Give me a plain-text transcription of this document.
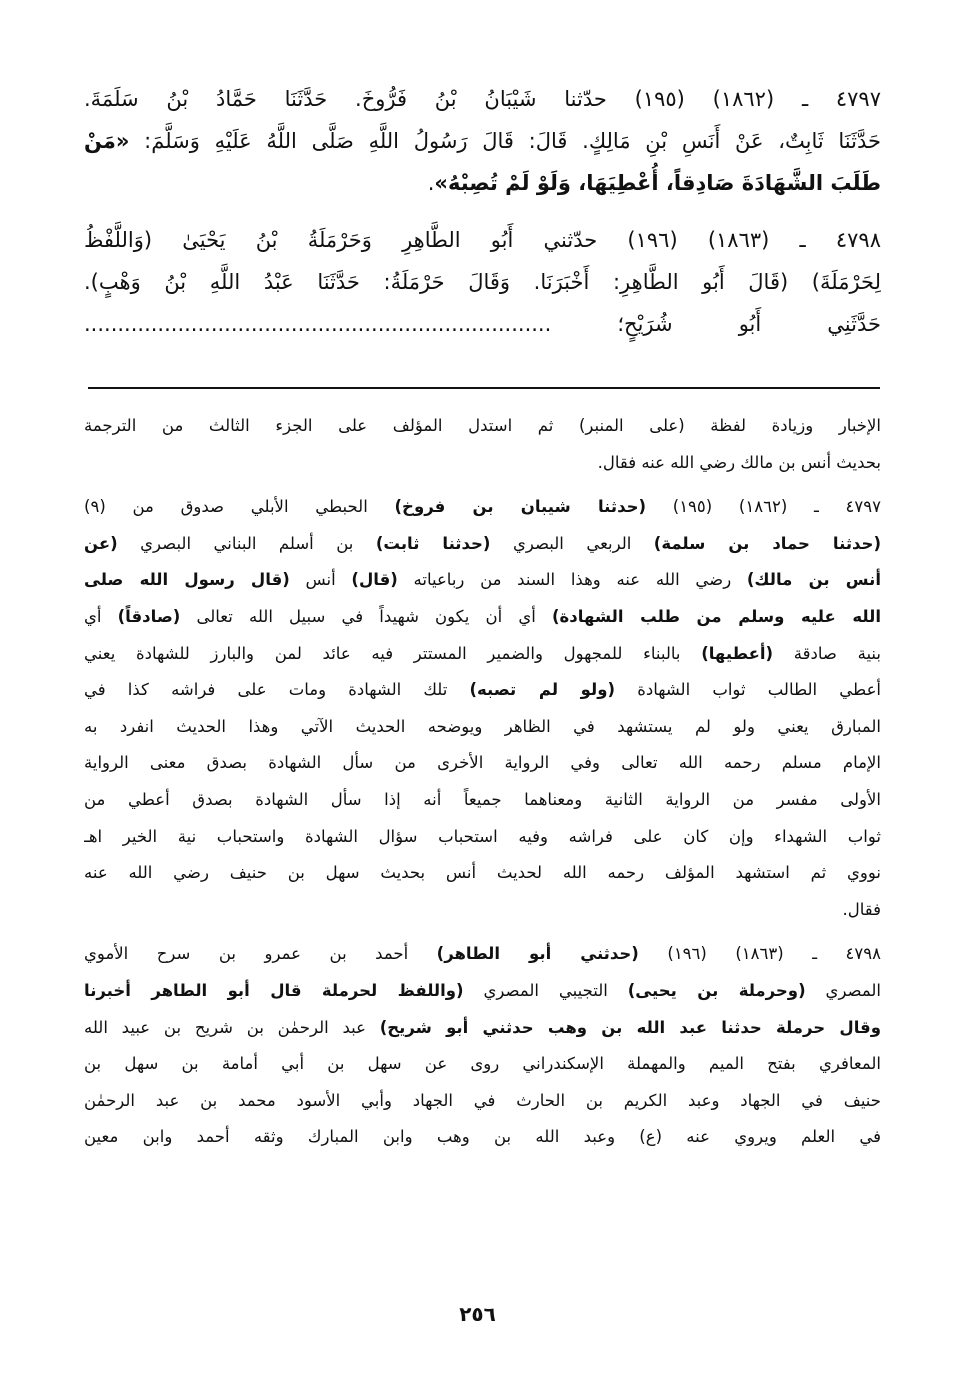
٤٧٩٧ ـ (١٨٦٢) (١٩٥) حدّثنا شَيْبَانُ بْنُ فَرُّوخَ. حَدَّثَنَا حَمَّادُ بْنُ سَلَمَةَ.
حَدَّثَنَا ثَابِتٌ، عَنْ أَنَسِ بْنِ مَالِكٍ. قَالَ: قَالَ رَسُولُ اللَّهِ صَلَّى اللَّهُ عَلَيْهِ وَسَلَّمَ: «مَنْ
طَلَبَ الشَّهَادَةَ صَادِقاً، أُعْطِيَهَا، وَلَوْ لَمْ تُصِبْهُ».
٤٧٩٨ ـ (١٨٦٣) (١٩٦) حدّثني أَبُو الطَّاهِرِ وَحَرْمَلَةُ بْنُ يَحْيَىٰ (وَاللَّفْظُ
لِحَرْمَلَةَ) (قَالَ أَبُو الطَّاهِرِ: أَخْبَرَنَا. وَقَالَ حَرْمَلَةُ: حَدَّثَنَا عَبْدُ اللَّهِ بْنُ وَهْبٍ).
حَدَّثَنِي أَبُو شُرَيْحٍ؛ ......................................................................
الإخبار وزيادة لفظة (على المنبر) ثم استدل المؤلف على الجزء الثالث من الترجمة
بحديث أنس بن مالك رضي الله عنه فقال.
٤٧٩٧ ـ (١٨٦٢) (١٩٥) (حدثنا شيبان بن فروخ) الحبطي الأبلي صدوق من (٩)
(حدثنا حماد بن سلمة) الربعي البصري (حدثنا ثابت) بن أسلم البناني البصري (عن
أنس بن مالك) رضي الله عنه وهذا السند من رباعياته (قال) أنس (قال رسول الله صلى
الله عليه وسلم من طلب الشهادة) أي أن يكون شهيداً في سبيل الله تعالى (صادقاً) أي
بنية صادقة (أعطيها) بالبناء للمجهول والضمير المستتر فيه عائد لمن والبارز للشهادة يعني
أعطي الطالب ثواب الشهادة (ولو لم تصبه) تلك الشهادة ومات على فراشه كذا في
المبارق يعني ولو لم يستشهد في الظاهر ويوضحه الحديث الآتي وهذا الحديث انفرد به
الإمام مسلم رحمه الله تعالى وفي الرواية الأخرى من سأل الشهادة بصدق معنى الرواية
الأولى مفسر من الرواية الثانية ومعناهما جميعاً أنه إذا سأل الشهادة بصدق أعطي من
ثواب الشهداء وإن كان على فراشه وفيه استحباب سؤال الشهادة واستحباب نية الخير اهـ
نووي ثم استشهد المؤلف رحمه الله لحديث أنس بحديث سهل بن حنيف رضي الله عنه
فقال.
٤٧٩٨ ـ (١٨٦٣) (١٩٦) (حدثني أبو الطاهر) أحمد بن عمرو بن سرح الأموي
المصري (وحرملة بن يحيى) التجيبي المصري (واللفظ لحرملة قال أبو الطاهر أخبرنا
وقال حرملة حدثنا عبد الله بن وهب حدثني أبو شريح) عبد الرحمٰن بن شريح بن عبيد الله
المعافري بفتح الميم والمهملة الإسكندراني روى عن سهل بن أبي أمامة بن سهل بن
حنيف في الجهاد وعبد الكريم بن الحارث في الجهاد وأبي الأسود محمد بن عبد الرحمٰن
في العلم ويروي عنه (ع) وعبد الله بن وهب وابن المبارك وثقه أحمد وابن معين
٢٥٦
